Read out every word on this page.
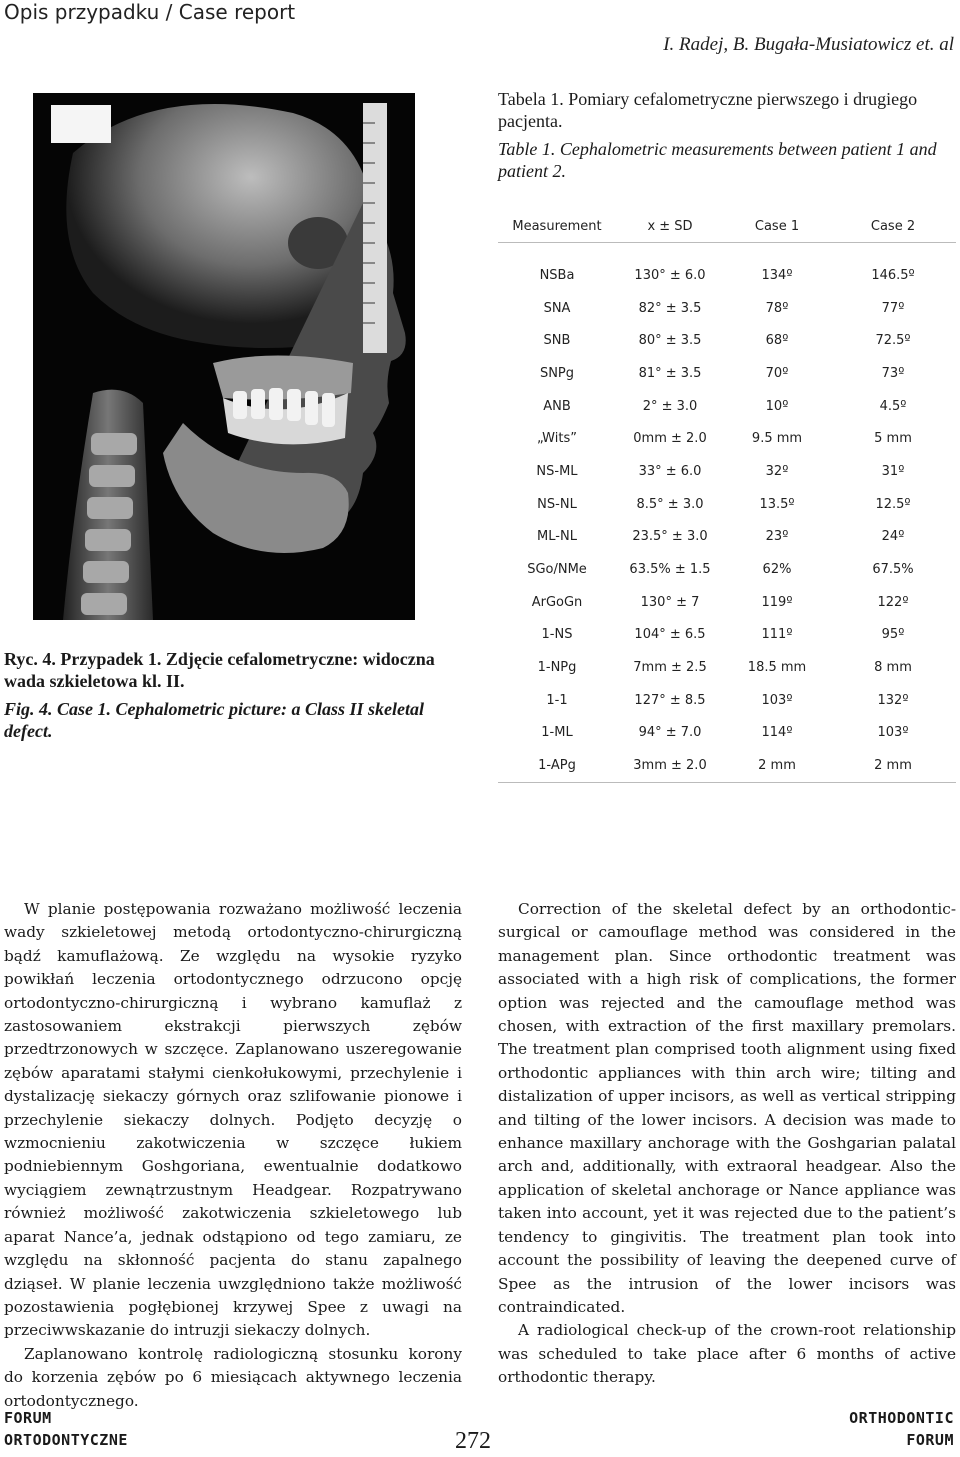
Opis przypadku / Case report
I. Radej, B. Bugała-Musiatowicz et. al

Ryc. 4. Przypadek 1. Zdjęcie cefalometryczne: widoczna wada szkieletowa kl. II.

Fig. 4. Case 1. Cephalometric picture: a Class II skeletal defect.

Tabela 1. Pomiary cefalometryczne pierwszego i drugiego pacjenta.

Table 1. Cephalometric measurements between patient 1 and patient 2.

Measurement	x ± SD	Case 1	Case 2

NSBa	130° ± 6.0	134º	146.5º
SNA	82° ± 3.5	78º	77º
SNB	80° ± 3.5	68º	72.5º
SNPg	81° ± 3.5	70º	73º
ANB	2° ± 3.0	10º	4.5º
„Wits”	0mm ± 2.0	9.5 mm	5 mm
NS-ML	33° ± 6.0	32º	31º
NS-NL	8.5° ± 3.0	13.5º	12.5º
ML-NL	23.5° ± 3.0	23º	24º
SGo/NMe	63.5% ± 1.5	62%	67.5%
ArGoGn	130° ± 7	119º	122º
1-NS	104° ± 6.5	111º	95º
1-NPg	7mm ± 2.5	18.5 mm	8 mm
1-1	127° ± 8.5	103º	132º
1-ML	94° ± 7.0	114º	103º
1-APg	3mm ± 2.0	2 mm	2 mm

W planie postępowania rozważano możliwość leczenia wady szkieletowej metodą ortodontyczno-chirurgiczną bądź kamuflażową. Ze względu na wysokie ryzyko powikłań leczenia ortodontycznego odrzucono opcję ortodontyczno-chirurgiczną i wybrano kamuflaż z zastosowaniem ekstrakcji pierwszych zębów przedtrzonowych w szczęce. Zaplanowano uszeregowanie zębów aparatami stałymi cienkołukowymi, przechylenie i dystalizację siekaczy górnych oraz szlifowanie pionowe i przechylenie siekaczy dolnych. Podjęto decyzję o wzmocnieniu zakotwiczenia w szczęce łukiem podniebiennym Goshgoriana, ewentualnie dodatkowo wyciągiem zewnątrzustnym Headgear. Rozpatrywano również możliwość zakotwiczenia szkieletowego lub aparat Nance’a, jednak odstąpiono od tego zamiaru, ze względu na skłonność pacjenta do stanu zapalnego dziąseł. W planie leczenia uwzględniono także możliwość pozostawienia pogłębionej krzywej Spee z uwagi na przeciwwskazanie do intruzji siekaczy dolnych.

Zaplanowano kontrolę radiologiczną stosunku korony do korzenia zębów po 6 miesiącach aktywnego leczenia ortodontycznego.

Correction of the skeletal defect by an orthodontic-surgical or camouflage method was considered in the management plan. Since orthodontic treatment was associated with a high risk of complications, the former option was rejected and the camouflage method was chosen, with extraction of the first maxillary premolars. The treatment plan comprised tooth alignment using fixed orthodontic appliances with thin arch wire; tilting and distalization of upper incisors, as well as vertical stripping and tilting of the lower incisors. A decision was made to enhance maxillary anchorage with the Goshgarian palatal arch and, additionally, with extraoral headgear. Also the application of skeletal anchorage or Nance appliance was taken into account, yet it was rejected due to the patient’s tendency to gingivitis. The treatment plan took into account the possibility of leaving the deepened curve of Spee as the intrusion of the lower incisors was contraindicated.

A radiological check-up of the crown-root relationship was scheduled to take place after 6 months of active orthodontic therapy.

FORUM
ORTODONTYCZNE	272
ORTHODONTIC
FORUM
